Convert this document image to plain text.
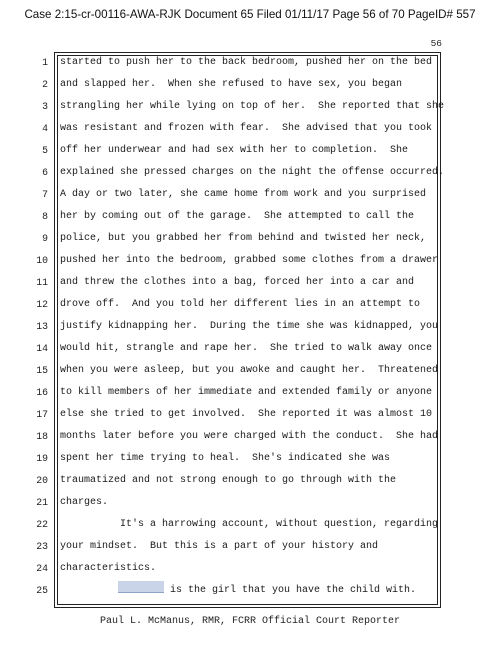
Case 2:15-cr-00116-AWA-RJK Document 65 Filed 01/11/17 Page 56 of 70 PageID# 557
56
1 started to push her to the back bedroom, pushed her on the bed
2 and slapped her.  When she refused to have sex, you began
3 strangling her while lying on top of her.  She reported that she
4 was resistant and frozen with fear.  She advised that you took
5 off her underwear and had sex with her to completion.  She
6 explained she pressed charges on the night the offense occurred.
7 A day or two later, she came home from work and you surprised
8 her by coming out of the garage.  She attempted to call the
9 police, but you grabbed her from behind and twisted her neck,
10 pushed her into the bedroom, grabbed some clothes from a drawer
11 and threw the clothes into a bag, forced her into a car and
12 drove off.  And you told her different lies in an attempt to
13 justify kidnapping her.  During the time she was kidnapped, you
14 would hit, strangle and rape her.  She tried to walk away once
15 when you were asleep, but you awoke and caught her.  Threatened
16 to kill members of her immediate and extended family or anyone
17 else she tried to get involved.  She reported it was almost 10
18 months later before you were charged with the conduct.  She had
19 spent her time trying to heal.  She's indicated she was
20 traumatized and not strong enough to go through with the
21 charges.
22	It's a harrowing account, without question, regarding
23 your mindset.  But this is a part of your history and
24 characteristics.
25	is the girl that you have the child with.
Paul L. McManus, RMR, FCRR Official Court Reporter
